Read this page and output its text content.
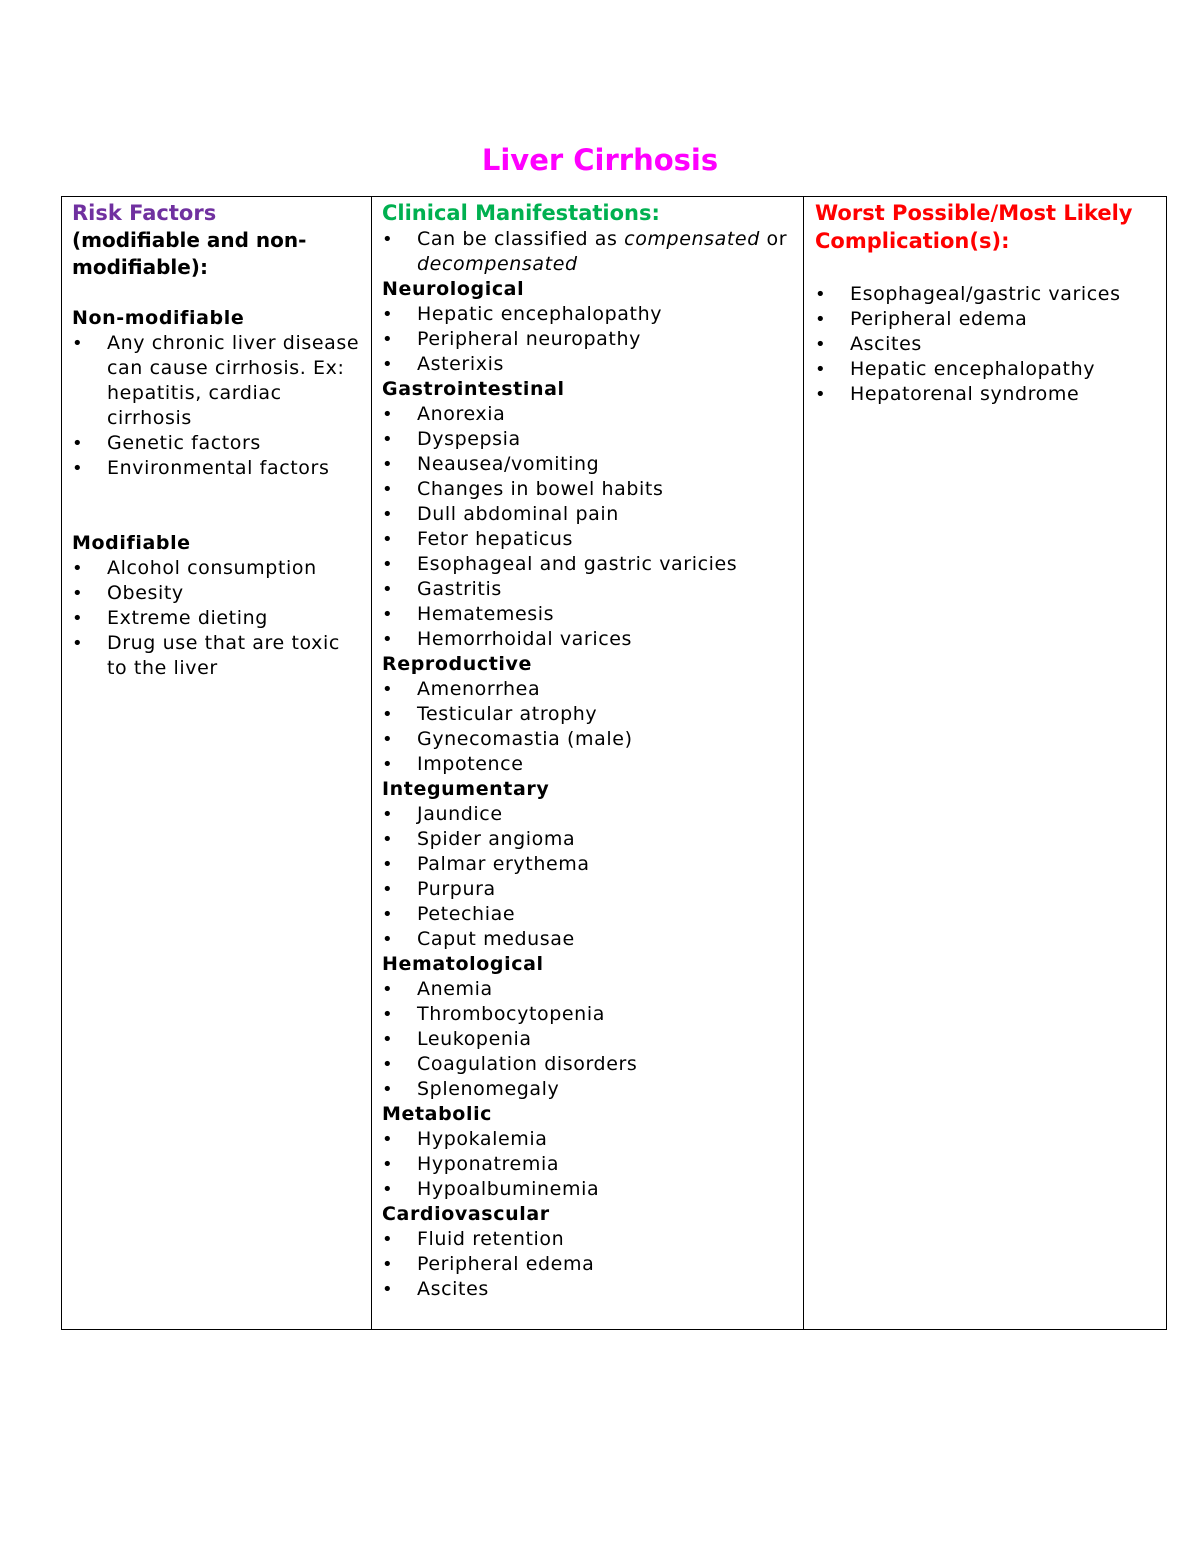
Liver Cirrhosis

Risk Factors

(modifiable and non-modifiable):

Non-modifiable

•	Any chronic liver disease can cause cirrhosis. Ex: hepatitis, cardiac cirrhosis
•	Genetic factors
•	Environmental factors

Modifiable

•	Alcohol consumption
•	Obesity
•	Extreme dieting
•	Drug use that are toxic to the liver

Clinical Manifestations:

•	Can be classified as compensated or decompensated

Neurological

•	Hepatic encephalopathy
•	Peripheral neuropathy
•	Asterixis

Gastrointestinal

•	Anorexia
•	Dyspepsia
•	Neausea/vomiting
•	Changes in bowel habits
•	Dull abdominal pain
•	Fetor hepaticus
•	Esophageal and gastric varicies
•	Gastritis
•	Hematemesis
•	Hemorrhoidal varices

Reproductive

•	Amenorrhea
•	Testicular atrophy
•	Gynecomastia (male)
•	Impotence

Integumentary

•	Jaundice
•	Spider angioma
•	Palmar erythema
•	Purpura
•	Petechiae
•	Caput medusae

Hematological

•	Anemia
•	Thrombocytopenia
•	Leukopenia
•	Coagulation disorders
•	Splenomegaly

Metabolic

•	Hypokalemia
•	Hyponatremia
•	Hypoalbuminemia

Cardiovascular

•	Fluid retention
•	Peripheral edema
•	Ascites

Worst Possible/Most Likely Complication(s):

•	Esophageal/gastric varices
•	Peripheral edema
•	Ascites
•	Hepatic encephalopathy
•	Hepatorenal syndrome
